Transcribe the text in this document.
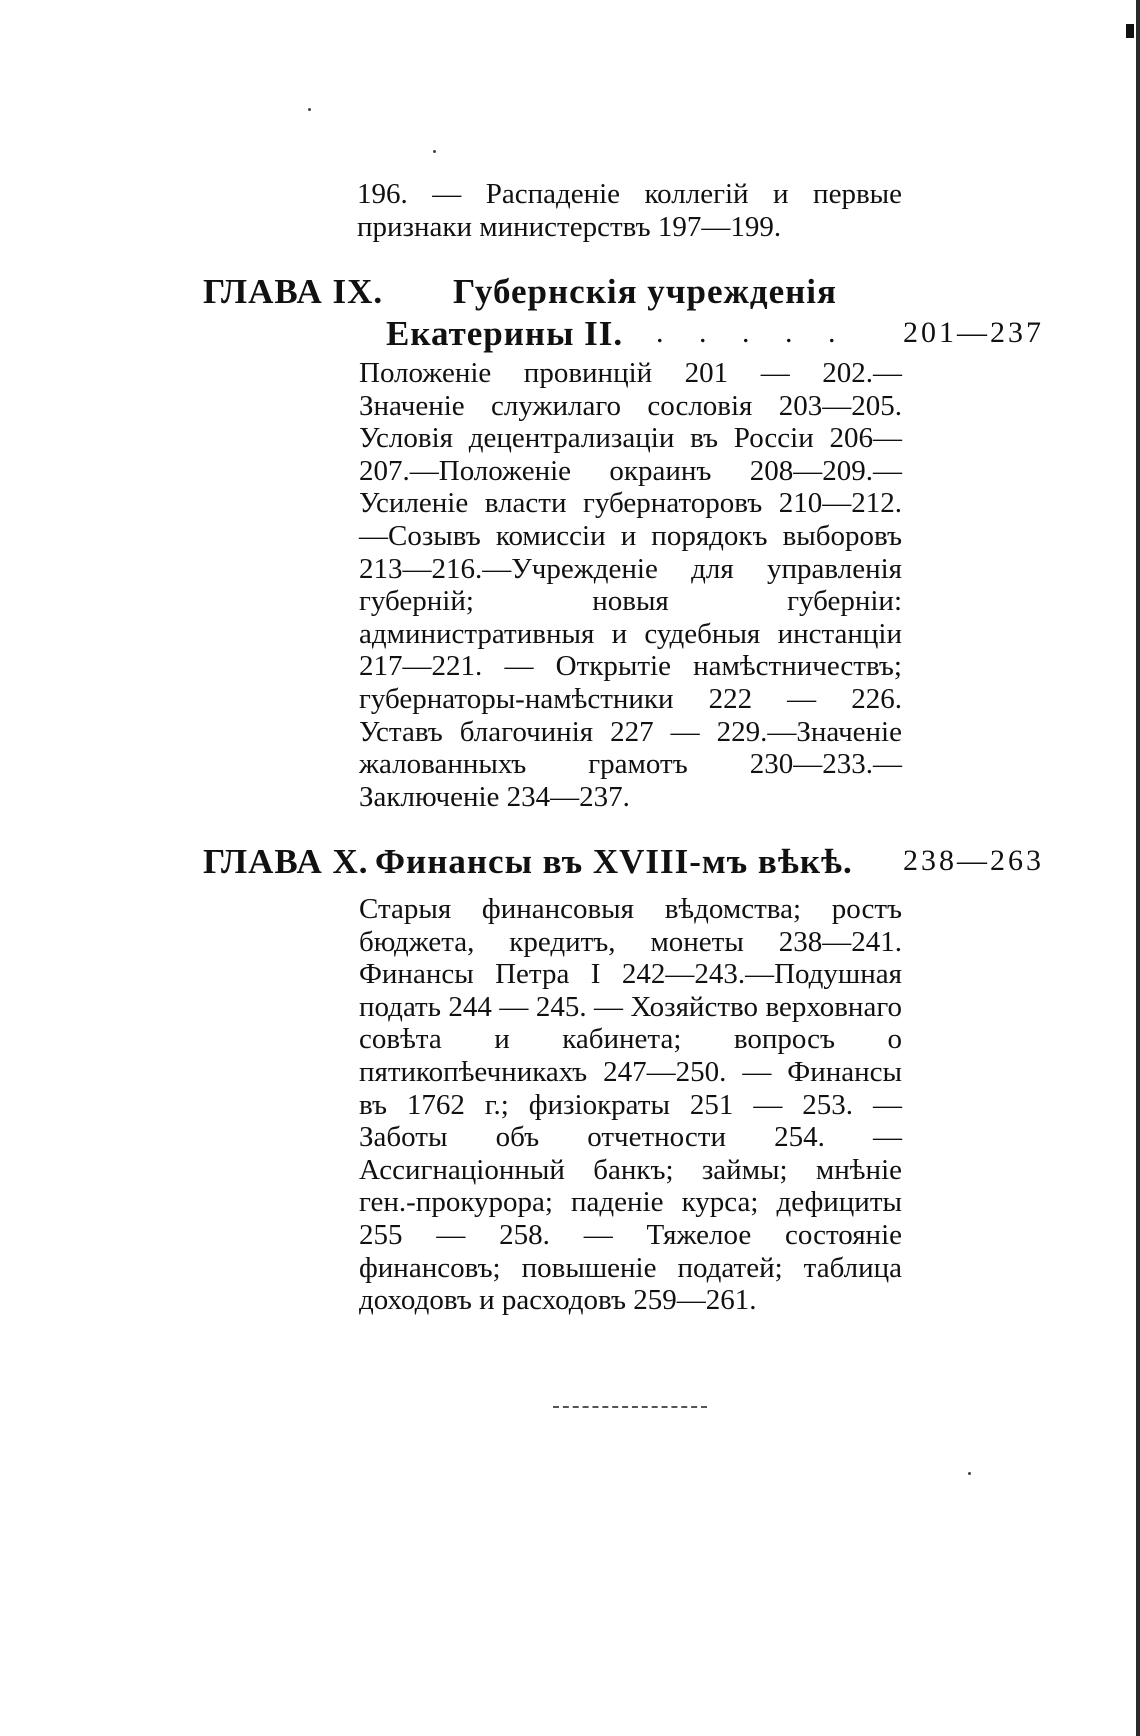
196. — Распаденіе коллегій и первые признаки министерствъ 197—199.
ГЛАВА IX. Губернскія учрежденія
Екатерины II. . . . . . 201—237
Положеніе провинцій 201 — 202.— Значеніе служилаго сословія 203—205. Условія децентрализаціи въ Россіи 206—207.—Положеніе окраинъ 208—209.—Усиленіе власти губернаторовъ 210—212.—Созывъ комиссіи и порядокъ выборовъ 213—216.—Учрежденіе для управленія губерній; новыя губерніи: административныя и судебныя инстанціи 217—221. — Открытіе намѣстничествъ; губернаторы-намѣстники 222 — 226. Уставъ благочинія 227 — 229.—Значеніе жалованныхъ грамотъ 230—233.—Заключеніе 234—237.
ГЛАВА X. Финансы въ XVIII-мъ вѣкѣ. 238—263
Старыя финансовыя вѣдомства; ростъ бюджета, кредитъ, монеты 238—241. Финансы Петра I 242—243.—Подушная подать 244 — 245. — Хозяйство верховнаго совѣта и кабинета; вопросъ о пятикопѣечникахъ 247—250. — Финансы въ 1762 г.; физіократы 251 — 253. — Заботы объ отчетности 254. — Ассигнаціонный банкъ; займы; мнѣніе ген.-прокурора; паденіе курса; дефициты 255 — 258. — Тяжелое состояніе финансовъ; повышеніе податей; таблица доходовъ и расходовъ 259—261.
